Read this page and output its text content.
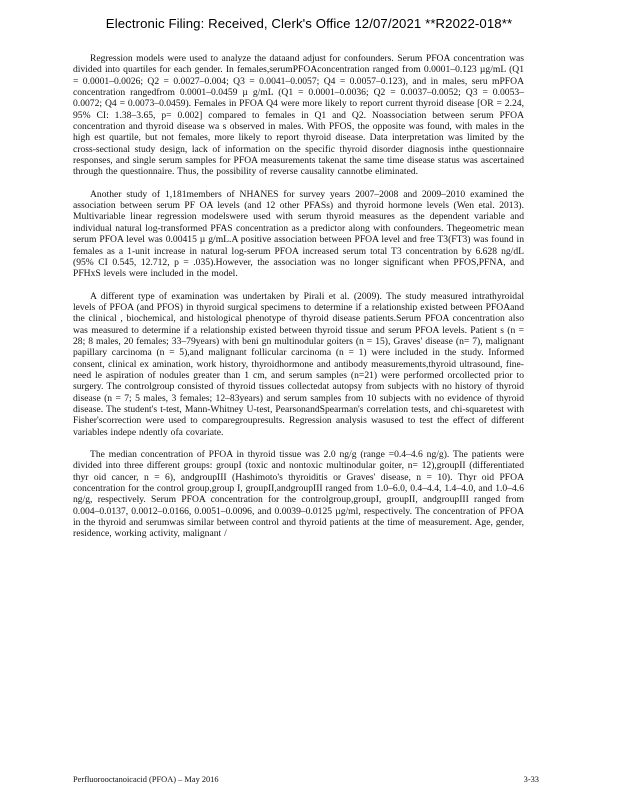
Electronic Filing: Received, Clerk's Office 12/07/2021 **R2022-018**

Regression models were used to analyze the dataand adjust for confounders. Serum PFOA concentration was divided into quartiles for each gender. In females,serumPFOAconcentration ranged from 0.0001–0.123 µg/mL (Q1 = 0.0001–0.0026; Q2 = 0.0027–0.004; Q3 = 0.0041–0.0057; Q4 = 0.0057–0.123), and in males, seru mPFOA concentration rangedfrom 0.0001–0.0459 µ g/mL (Q1 = 0.0001–0.0036; Q2 = 0.0037–0.0052; Q3 = 0.0053–0.0072; Q4 = 0.0073–0.0459). Females in PFOA Q4 were more likely to report current thyroid disease [OR = 2.24, 95% CI: 1.38–3.65, p= 0.002] compared to females in Q1 and Q2. Noassociation between serum PFOA concentration and thyroid disease wa s observed in males. With PFOS, the opposite was found, with males in the high est quartile, but not females, more likely to report thyroid disease. Data interpretation was limited by the cross-sectional study design, lack of information on the specific thyroid disorder diagnosis inthe questionnaire responses, and single serum samples for PFOA measurements takenat the same time disease status was ascertained through the questionnaire. Thus, the possibility of reverse causality cannotbe eliminated.

Another study of 1,181members of NHANES for survey years 2007–2008 and 2009–2010 examined the association between serum PF OA levels (and 12 other PFASs) and thyroid hormone levels (Wen etal. 2013). Multivariable linear regression modelswere used with serum thyroid measures as the dependent variable and individual natural log-transformed PFAS concentration as a predictor along with confounders. Thegeometric mean serum PFOA level was 0.00415 µ g/mL.A positive association between PFOA level and free T3(FT3) was found in females as a 1-unit increase in natural log-serum PFOA increased serum total T3 concentration by 6.628 ng/dL (95% CI 0.545, 12.712, p = .035).However, the association was no longer significant when PFOS,PFNA, and PFHxS levels were included in the model.

A different type of examination was undertaken by Pirali et al. (2009). The study measured intrathyroidal levels of PFOA (and PFOS) in thyroid surgical specimens to determine if a relationship existed between PFOAand the clinical , biochemical, and histological phenotype of thyroid disease patients.Serum PFOA concentration also was measured to determine if a relationship existed between thyroid tissue and serum PFOA levels. Patient s (n = 28; 8 males, 20 females; 33–79years) with beni gn multinodular goiters (n = 15), Graves' disease (n= 7), malignant papillary carcinoma (n = 5),and malignant follicular carcinoma (n = 1) were included in the study. Informed consent, clinical ex amination, work history, thyroidhormone and antibody measurements,thyroid ultrasound, fine-need le aspiration of nodules greater than 1 cm, and serum samples (n=21) were performed orcollected prior to surgery. The controlgroup consisted of thyroid tissues collectedat autopsy from subjects with no history of thyroid disease (n = 7; 5 males, 3 females; 12–83years) and serum samples from 10 subjects with no evidence of thyroid disease. The student's t-test, Mann-Whitney U-test, PearsonandSpearman's correlation tests, and chi-squaretest with Fisher'scorrection were used to comparegroupresults. Regression analysis wasused to test the effect of different variables indepe ndently ofa covariate.

The median concentration of PFOA in thyroid tissue was 2.0 ng/g (range =0.4–4.6 ng/g). The patients were divided into three different groups: groupI (toxic and nontoxic multinodular goiter, n= 12),groupII (differentiated thyr oid cancer, n = 6), andgroupIII (Hashimoto's thyroiditis or Graves' disease, n = 10). Thyr oid PFOA concentration for the control group,group I, groupII,andgroupIII ranged from 1.0–6.0, 0.4–4.4, 1.4–4.0, and 1.0–4.6 ng/g, respectively. Serum PFOA concentration for the controlgroup,groupI, groupII, andgroupIII ranged from 0.004–0.0137, 0.0012–0.0166, 0.0051–0.0096, and 0.0039–0.0125 µg/ml, respectively. The concentration of PFOA in the thyroid and serumwas similar between control and thyroid patients at the time of measurement. Age, gender, residence, working activity, malignant /

Perfluorooctanoicacid (PFOA) – May 2016	3-33
